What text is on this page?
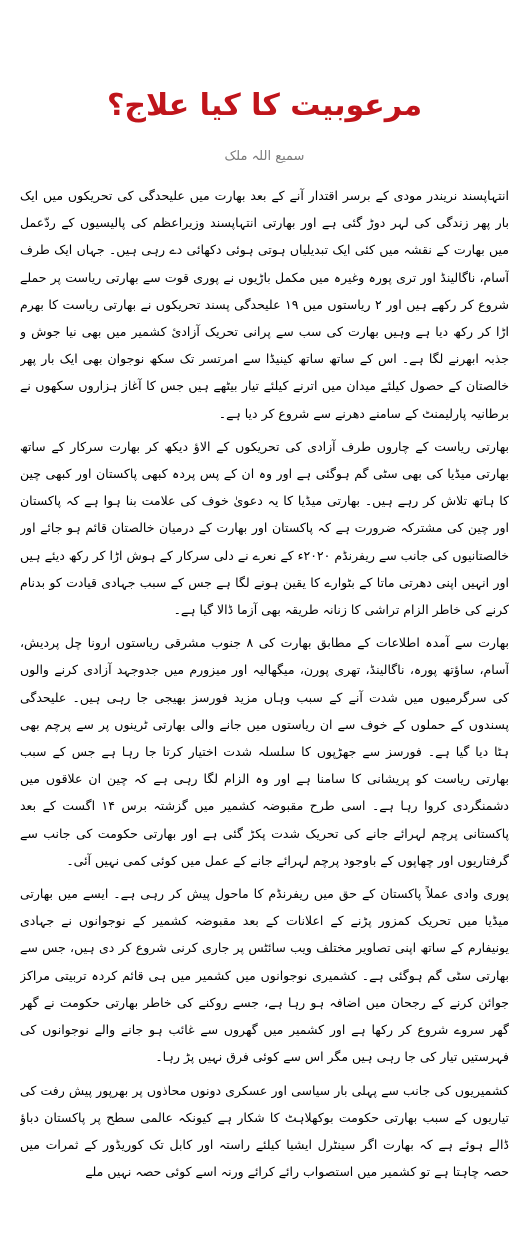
مرعوبیت کا کیا علاج؟
سمیع اللہ ملک

انتہاپسند نریندر مودی کے برسر اقتدار آنے کے بعد بھارت میں علیحدگی کی تحریکوں میں ایک بار پھر زندگی کی لہر دوڑ گئی ہے اور بھارتی انتہاپسند وزیراعظم کی پالیسیوں کے ردّعمل میں بھارت کے نقشہ میں کئی ایک تبدیلیاں ہوتی ہوئی دکھائی دے رہی ہیں۔ جہاں ایک طرف آسام، ناگالینڈ اور تری پورہ وغیرہ میں مکمل باڑیوں نے پوری قوت سے بھارتی ریاست پر حملے شروع کر رکھے ہیں اور ۲ ریاستوں میں ۱۹ علیحدگی پسند تحریکوں نے بھارتی ریاست کا بھرم اڑا کر رکھ دیا ہے وہیں بھارت کی سب سے پرانی تحریک آزادیٔ کشمیر میں بھی نیا جوش و جذبہ ابھرنے لگا ہے۔ اس کے ساتھ ساتھ کینیڈا سے امرتسر تک سکھ نوجوان بھی ایک بار پھر خالصتان کے حصول کیلئے میدان میں اترنے کیلئے تیار بیٹھے ہیں جس کا آغاز ہزاروں سکھوں نے برطانیہ پارلیمنٹ کے سامنے دھرنے سے شروع کر دیا ہے۔

بھارتی ریاست کے چاروں طرف آزادی کی تحریکوں کے الاؤ دیکھ کر بھارت سرکار کے ساتھ بھارتی میڈیا کی بھی سٹی گم ہوگئی ہے اور وہ ان کے پس پردہ کبھی پاکستان اور کبھی چین کا ہاتھ تلاش کر رہے ہیں۔ بھارتی میڈیا کا یہ دعویٰ خوف کی علامت بنا ہوا ہے کہ پاکستان اور چین کی مشترکہ ضرورت ہے کہ پاکستان اور بھارت کے درمیان خالصتان قائم ہو جائے اور خالصتانیوں کی جانب سے ریفرنڈم ۲۰۲۰ء کے نعرے نے دلی سرکار کے ہوش اڑا کر رکھ دیئے ہیں اور انہیں اپنی دھرتی ماتا کے بٹوارے کا یقین ہونے لگا ہے جس کے سبب جہادی قیادت کو بدنام کرنے کی خاطر الزام تراشی کا زنانہ طریقہ بھی آزما ڈالا گیا ہے۔

بھارت سے آمدہ اطلاعات کے مطابق بھارت کی ۸ جنوب مشرقی ریاستوں ارونا چل پردیش، آسام، ساؤتھ پورہ، ناگالینڈ، تھری پورن، میگھالیہ اور میزورم میں جدوجہد آزادی کرنے والوں کی سرگرمیوں میں شدت آنے کے سبب وہاں مزید فورسز بھیجی جا رہی ہیں۔ علیحدگی پسندوں کے حملوں کے خوف سے ان ریاستوں میں جانے والی بھارتی ٹرینوں پر سے پرچم بھی ہٹا دیا گیا ہے۔ فورسز سے جھڑپوں کا سلسلہ شدت اختیار کرتا جا رہا ہے جس کے سبب بھارتی ریاست کو پریشانی کا سامنا ہے اور وہ الزام لگا رہی ہے کہ چین ان علاقوں میں دشمنگردی کروا رہا ہے۔ اسی طرح مقبوضہ کشمیر میں گزشتہ برس ۱۴ اگست کے بعد پاکستانی پرچم لہرائے جانے کی تحریک شدت پکڑ گئی ہے اور بھارتی حکومت کی جانب سے گرفتاریوں اور چھاپوں کے باوجود پرچم لہرائے جانے کے عمل میں کوئی کمی نہیں آئی۔

پوری وادی عملاً پاکستان کے حق میں ریفرنڈم کا ماحول پیش کر رہی ہے۔ ایسے میں بھارتی میڈیا میں تحریک کمزور پڑنے کے اعلانات کے بعد مقبوضہ کشمیر کے نوجوانوں نے جہادی یونیفارم کے ساتھ اپنی تصاویر مختلف ویب سائٹس پر جاری کرنی شروع کر دی ہیں، جس سے بھارتی سٹی گم ہوگئی ہے۔ کشمیری نوجوانوں میں کشمیر میں ہی قائم کردہ تربیتی مراکز جوائن کرنے کے رجحان میں اضافہ ہو رہا ہے، جسے روکنے کی خاطر بھارتی حکومت نے گھر گھر سروے شروع کر رکھا ہے اور کشمیر میں گھروں سے غائب ہو جانے والے نوجوانوں کی فہرستیں تیار کی جا رہی ہیں مگر اس سے کوئی فرق نہیں پڑ رہا۔

کشمیریوں کی جانب سے پہلی بار سیاسی اور عسکری دونوں محاذوں پر بھرپور پیش رفت کی تیاریوں کے سبب بھارتی حکومت بوکھلاہٹ کا شکار ہے کیونکہ عالمی سطح پر پاکستان دباؤ ڈالے ہوئے ہے کہ بھارت اگر سینٹرل ایشیا کیلئے راستہ اور کابل تک کوریڈور کے ثمرات میں حصہ چاہتا ہے تو کشمیر میں استصواب رائے کرائے ورنہ اسے کوئی حصہ نہیں ملے
